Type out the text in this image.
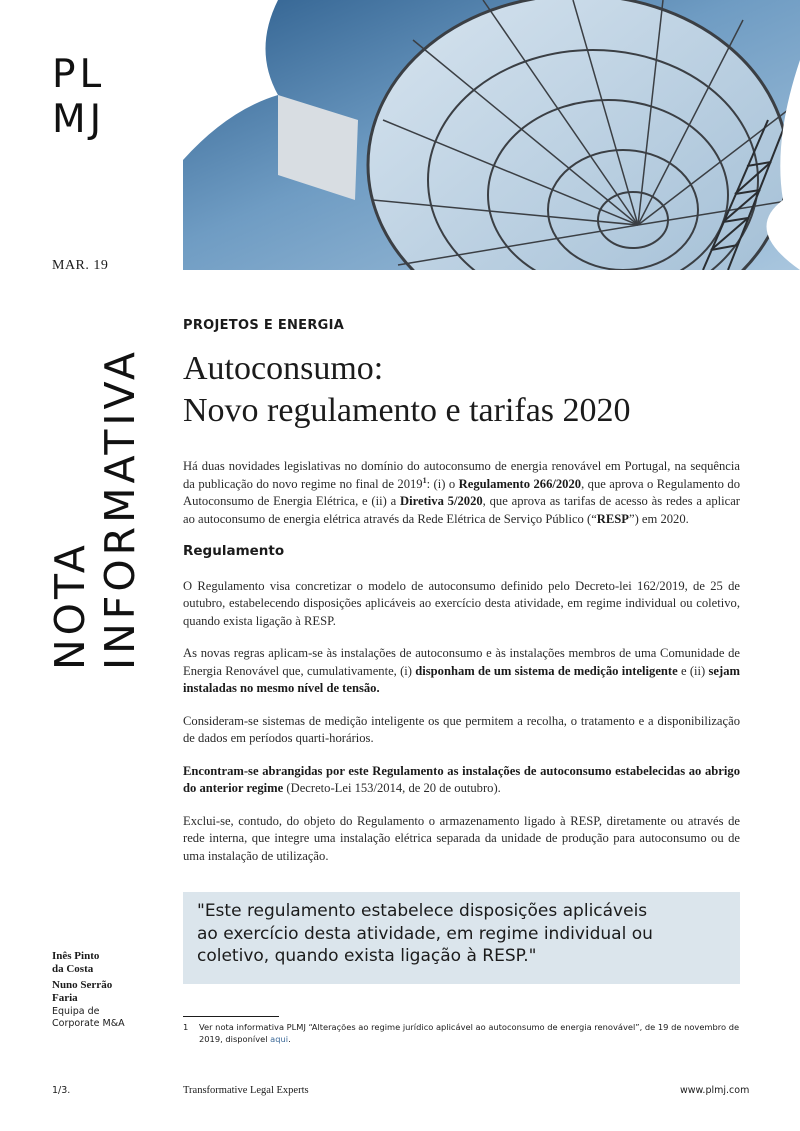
PL
MJ
MAR. 19
NOTA INFORMATIVA
PROJETOS E ENERGIA
Autoconsumo:
Novo regulamento e tarifas 2020

Há duas novidades legislativas no domínio do autoconsumo de energia renovável em Portugal, na sequência da publicação do novo regime no final de 2019$^1$: (i) o Regulamento 266/2020, que aprova o Regulamento do Autoconsumo de Energia Elétrica, e (ii) a Diretiva 5/2020, que aprova as tarifas de acesso às redes a aplicar ao autoconsumo de energia elétrica através da Rede Elétrica de Serviço Público (“RESP”) em 2020.

Regulamento

O Regulamento visa concretizar o modelo de autoconsumo definido pelo Decreto-lei 162/2019, de 25 de outubro, estabelecendo disposições aplicáveis ao exercício desta atividade, em regime individual ou coletivo, quando exista ligação à RESP.

As novas regras aplicam-se às instalações de autoconsumo e às instalações membros de uma Comunidade de Energia Renovável que, cumulativamente, (i) disponham de um sistema de medição inteligente e (ii) sejam instaladas no mesmo nível de tensão.

Consideram-se sistemas de medição inteligente os que permitem a recolha, o tratamento e a disponibilização de dados em períodos quarti-horários.

Encontram-se abrangidas por este Regulamento as instalações de autoconsumo estabelecidas ao abrigo do anterior regime (Decreto-Lei 153/2014, de 20 de outubro).

Exclui-se, contudo, do objeto do Regulamento o armazenamento ligado à RESP, diretamente ou através de rede interna, que integre uma instalação elétrica separada da unidade de produção para autoconsumo ou de uma instalação de utilização.

"Este regulamento estabelece disposições aplicáveis
ao exercício desta atividade, em regime individual ou
coletivo, quando exista ligação à RESP."
Inês Pinto
da Costa
Nuno Serrão
Faria
Equipa de
Corporate M&A	1 Ver nota informativa PLMJ “Alterações ao regime jurídico aplicável ao autoconsumo de energia renovável”, de 19 de novembro de 2019, disponível aqui.
1/3.	Transformative Legal Experts	www.plmj.com
